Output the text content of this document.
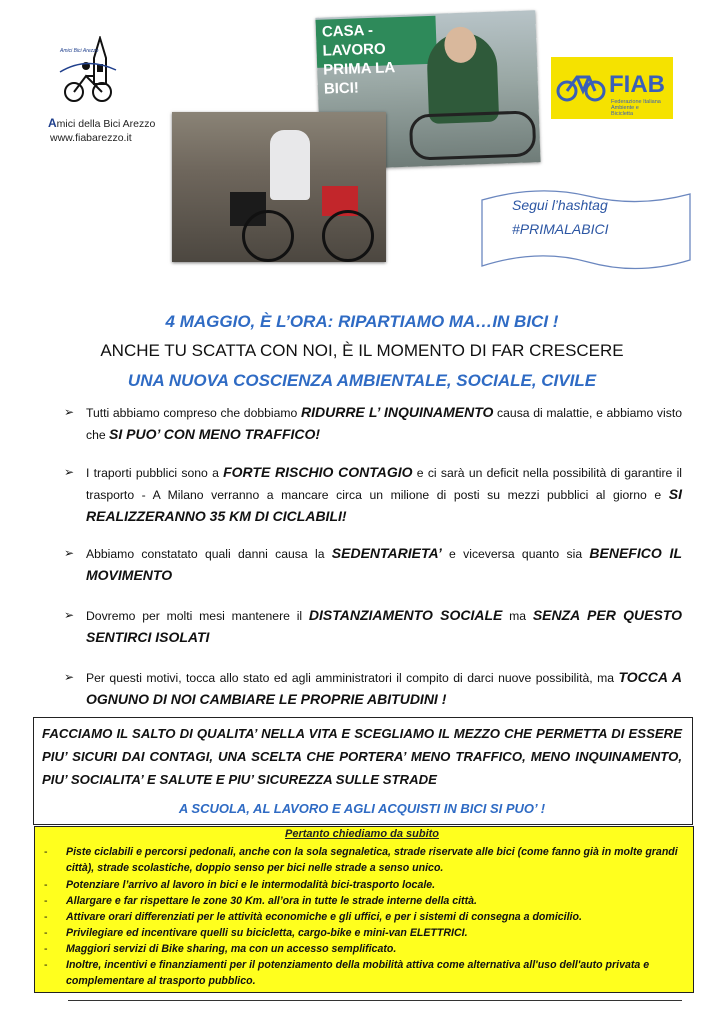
Amici Bici Arezzo
Amici della Bici Arezzo
www.fiabarezzo.it
CASA - LAVORO
PRIMA LA BICI!	FIAB
Federazione Italiana Ambiente e Bicicletta
Segui l’hashtag
#PRIMALABICI
4 MAGGIO, È L’ORA: RIPARTIAMO MA…IN BICI !
ANCHE TU SCATTA CON NOI, È IL MOMENTO DI FAR CRESCERE
UNA NUOVA COSCIENZA AMBIENTALE, SOCIALE, CIVILE
➢ Tutti abbiamo compreso che dobbiamo RIDURRE L’ INQUINAMENTO causa di malattie, e abbiamo visto che SI PUO’ CON MENO TRAFFICO!
➢ I traporti pubblici sono a FORTE RISCHIO CONTAGIO e ci sarà un deficit nella possibilità di garantire il trasporto - A Milano verranno a mancare circa un milione di posti su mezzi pubblici al giorno e SI REALIZZERANNO 35 KM DI CICLABILI!
➢ Abbiamo constatato quali danni causa la SEDENTARIETA’ e viceversa quanto sia BENEFICO IL MOVIMENTO
➢ Dovremo per molti mesi mantenere il DISTANZIAMENTO SOCIALE ma SENZA PER QUESTO SENTIRCI ISOLATI
➢ Per questi motivi, tocca allo stato ed agli amministratori il compito di darci nuove possibilità, ma TOCCA A OGNUNO DI NOI CAMBIARE LE PROPRIE ABITUDINI !
FACCIAMO IL SALTO DI QUALITA’ NELLA VITA E SCEGLIAMO IL MEZZO CHE PERMETTA DI ESSERE PIU’ SICURI DAI CONTAGI, UNA SCELTA CHE PORTERA’ MENO TRAFFICO, MENO INQUINAMENTO, PIU’ SOCIALITA’ E SALUTE E PIU’ SICUREZZA SULLE STRADE
A SCUOLA, AL LAVORO E AGLI ACQUISTI IN BICI SI PUO’ !
Pertanto chiediamo da subito
- Piste ciclabili e percorsi pedonali, anche con la sola segnaletica, strade riservate alle bici (come fanno già in molte grandi città), strade scolastiche, doppio senso per bici nelle strade a senso unico.
- Potenziare l’arrivo al lavoro in bici e le intermodalità bici-trasporto locale.
- Allargare e far rispettare le zone 30 Km. all’ora in tutte le strade interne della città.
- Attivare orari differenziati per le attività economiche e gli uffici, e per i sistemi di consegna a domicilio.
- Privilegiare ed incentivare quelli su bicicletta, cargo-bike e mini-van ELETTRICI.
- Maggiori servizi di Bike sharing, ma con un accesso semplificato.
- Inoltre, incentivi e finanziamenti per il potenziamento della mobilità attiva come alternativa all'uso dell'auto privata e complementare al trasporto pubblico.
